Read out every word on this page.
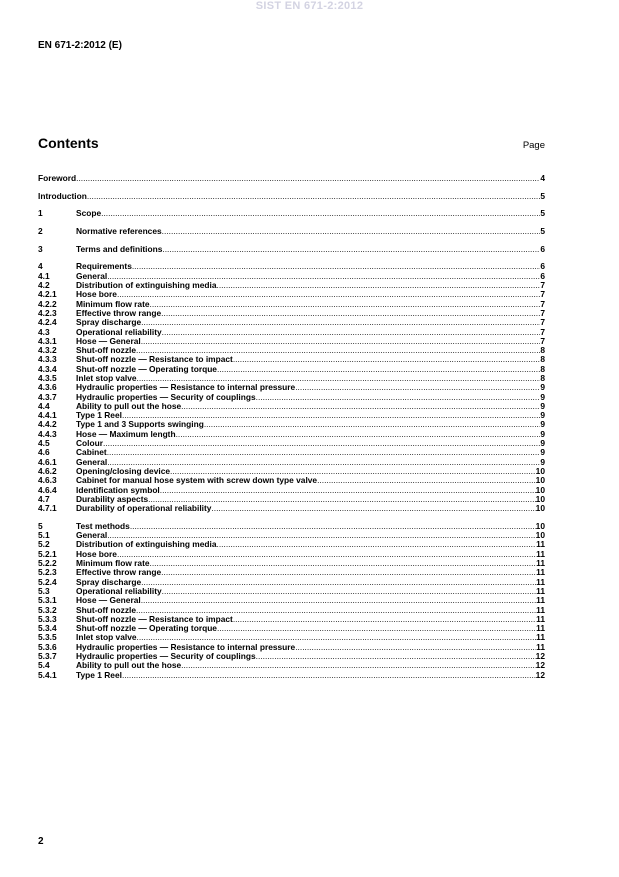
SIST EN 671-2:2012
EN 671-2:2012 (E)
Contents	Page
Foreword .....	4
Introduction .....	5
1	Scope .....	5
2	Normative references .....	5
3	Terms and definitions .....	6
4	Requirements .....	6
4.1	General .....	6
4.2	Distribution of extinguishing media .....	7
4.2.1	Hose bore .....	7
4.2.2	Minimum flow rate .....	7
4.2.3	Effective throw range .....	7
4.2.4	Spray discharge .....	7
4.3	Operational reliability .....	7
4.3.1	Hose — General .....	7
4.3.2	Shut-off nozzle .....	8
4.3.3	Shut-off nozzle — Resistance to impact .....	8
4.3.4	Shut-off nozzle — Operating torque .....	8
4.3.5	Inlet stop valve .....	8
4.3.6	Hydraulic properties — Resistance to internal pressure .....	9
4.3.7	Hydraulic properties — Security of couplings .....	9
4.4	Ability to pull out the hose .....	9
4.4.1	Type 1 Reel .....	9
4.4.2	Type 1 and 3 Supports swinging .....	9
4.4.3	Hose — Maximum length .....	9
4.5	Colour .....	9
4.6	Cabinet .....	9
4.6.1	General .....	9
4.6.2	Opening/closing device .....	10
4.6.3	Cabinet for manual hose system with screw down type valve .....	10
4.6.4	Identification symbol .....	10
4.7	Durability aspects .....	10
4.7.1	Durability of operational reliability .....	10
5	Test methods .....	10
5.1	General .....	10
5.2	Distribution of extinguishing media .....	11
5.2.1	Hose bore .....	11
5.2.2	Minimum flow rate .....	11
5.2.3	Effective throw range .....	11
5.2.4	Spray discharge .....	11
5.3	Operational reliability .....	11
5.3.1	Hose — General .....	11
5.3.2	Shut-off nozzle .....	11
5.3.3	Shut-off nozzle — Resistance to impact .....	11
5.3.4	Shut-off nozzle — Operating torque .....	11
5.3.5	Inlet stop valve .....	11
5.3.6	Hydraulic properties — Resistance to internal pressure .....	11
5.3.7	Hydraulic properties — Security of couplings .....	12
5.4	Ability to pull out the hose .....	12
5.4.1	Type 1 Reel .....	12
2
